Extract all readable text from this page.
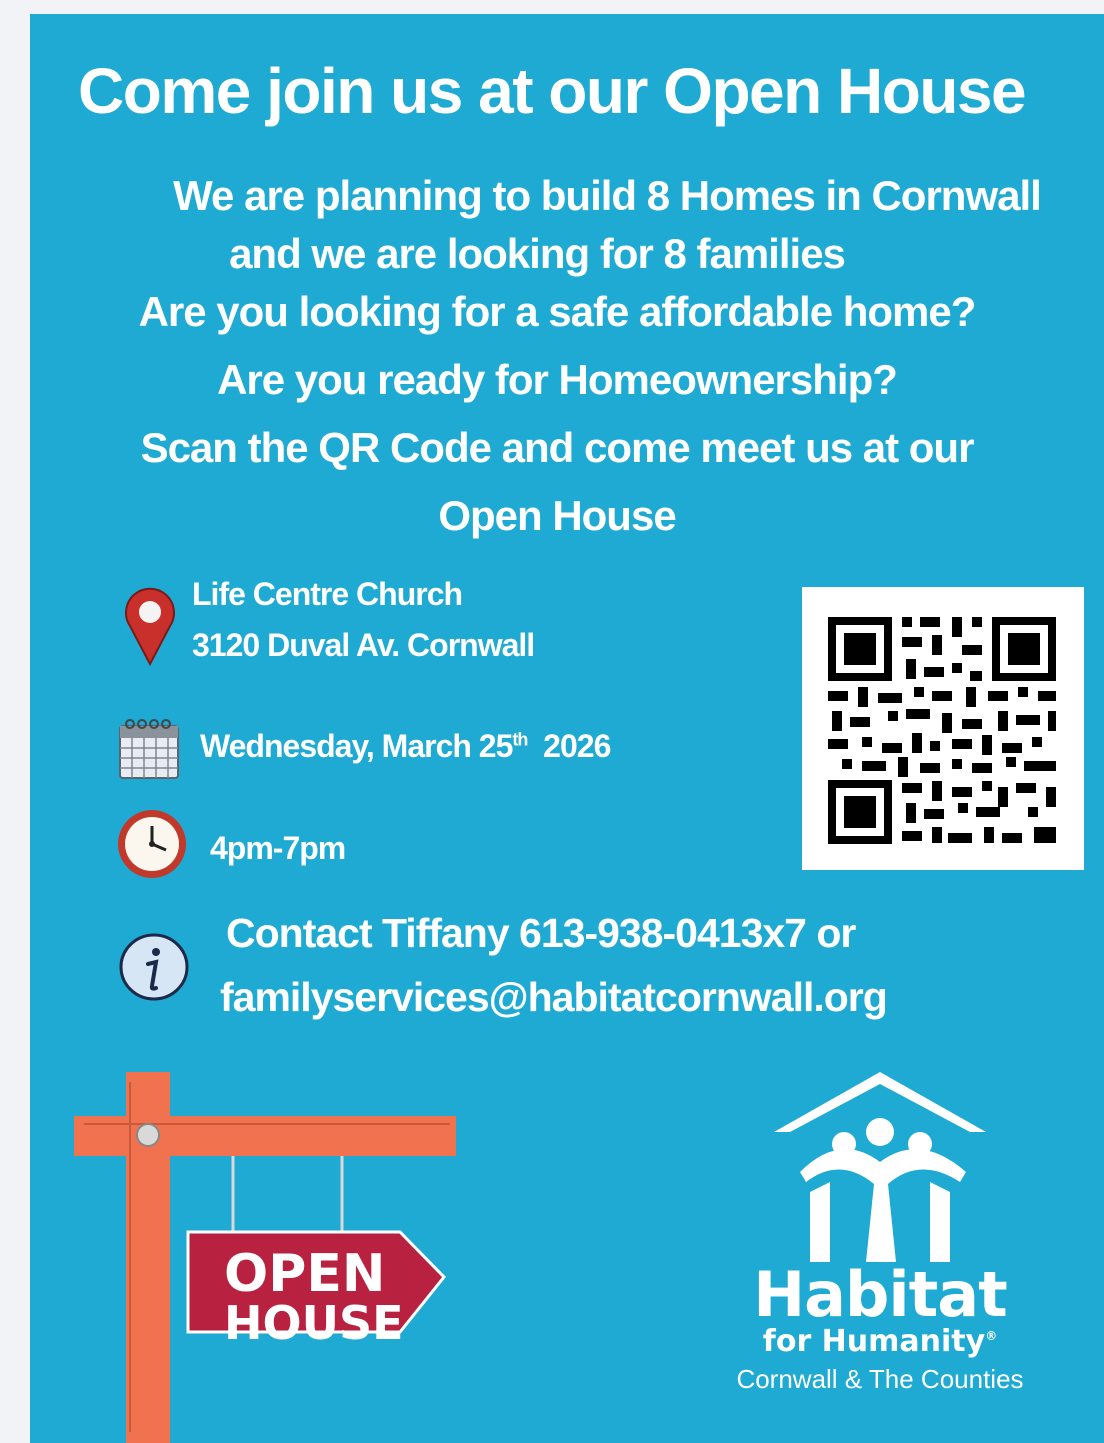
Come join us at our Open House
We are planning to build 8 Homes in Cornwall
and we are looking for 8 families
Are you looking for a safe affordable home?
Are you ready for Homeownership?
Scan the QR Code and come meet us at our
Open House
Life Centre Church
3120 Duval Av. Cornwall
Wednesday, March 25th 2026
4pm-7pm
Contact Tiffany 613-938-0413x7 or
familyservices@habitatcornwall.org
OPEN
HOUSE	Habitat
for Humanity®
Cornwall & The Counties
